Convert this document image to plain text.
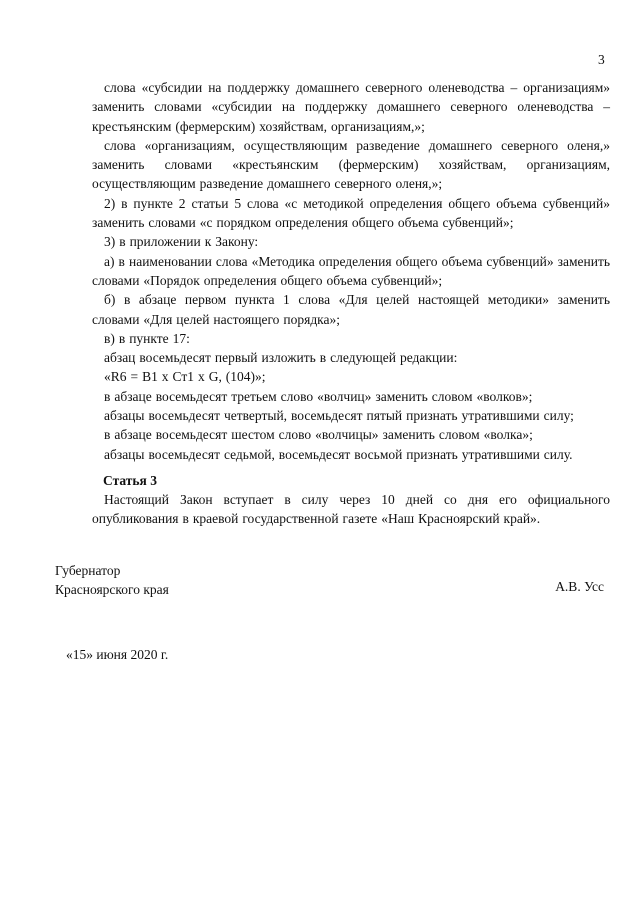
3

слова «субсидии на поддержку домашнего северного оленеводства – организациям» заменить словами «субсидии на поддержку домашнего северного оленеводства – крестьянским (фермерским) хозяйствам, организациям,»;

слова «организациям, осуществляющим разведение домашнего северного оленя,» заменить словами «крестьянским (фермерским) хозяйствам, организациям, осуществляющим разведение домашнего северного оленя,»;

2) в пункте 2 статьи 5 слова «с методикой определения общего объема субвенций» заменить словами «с порядком определения общего объема субвенций»;

3) в приложении к Закону:

а) в наименовании слова «Методика определения общего объема субвенций» заменить словами «Порядок определения общего объема субвенций»;

б) в абзаце первом пункта 1 слова «Для целей настоящей методики» заменить словами «Для целей настоящего порядка»;

в) в пункте 17:

абзац восемьдесят первый изложить в следующей редакции:

«R6 = B1 x Ст1 x G, (104)»;

в абзаце восемьдесят третьем слово «волчиц» заменить словом «волков»;

абзацы восемьдесят четвертый, восемьдесят пятый признать утратившими силу;

в абзаце восемьдесят шестом слово «волчицы» заменить словом «волка»;

абзацы восемьдесят седьмой, восемьдесят восьмой признать утратившими силу.

Статья 3

Настоящий Закон вступает в силу через 10 дней со дня его официального опубликования в краевой государственной газете «Наш Красноярский край».

Губернатор
Красноярского края	А.В. Усс
«15» июня 2020 г.
